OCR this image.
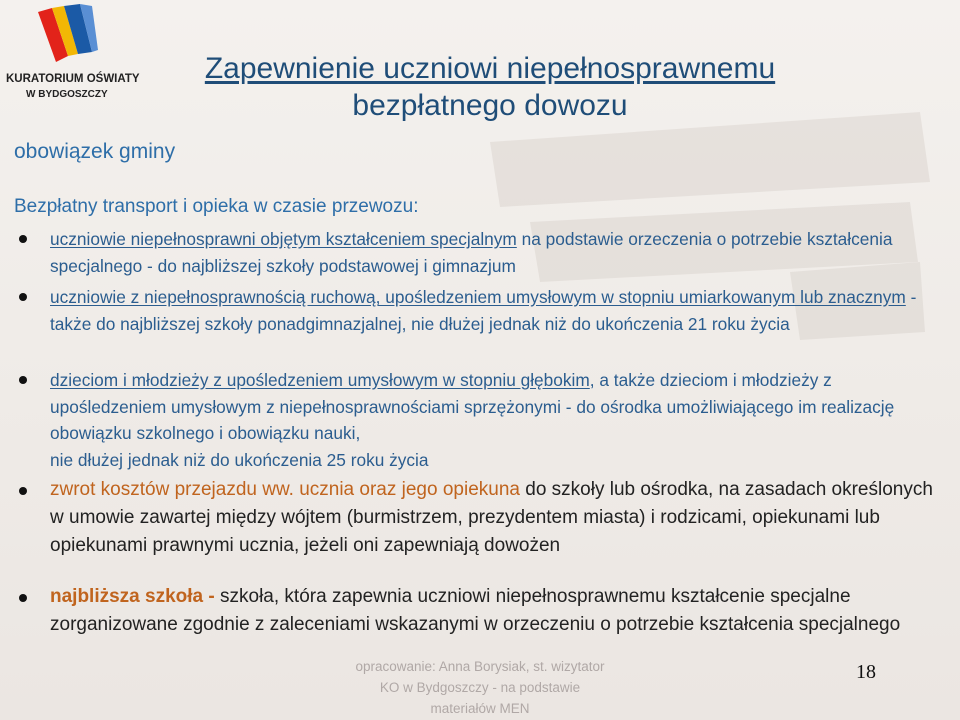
KURATORIUM OŚWIATY
W BYDGOSZCZY
Zapewnienie uczniowi niepełnosprawnemu
bezpłatnego dowozu
obowiązek gminy
Bezpłatny transport i opieka w czasie przewozu:
uczniowie niepełnosprawni objętym kształceniem specjalnym na podstawie orzeczenia o potrzebie kształcenia specjalnego - do najbliższej szkoły podstawowej i gimnazjum
uczniowie z niepełnosprawnością ruchową, upośledzeniem umysłowym w stopniu umiarkowanym lub znacznym - także do najbliższej szkoły ponadgimnazjalnej, nie dłużej jednak niż do ukończenia 21 roku życia
dzieciom i młodzieży z upośledzeniem umysłowym w stopniu głębokim, a także dzieciom i młodzieży z upośledzeniem umysłowym z niepełnosprawnościami sprzężonymi - do ośrodka umożliwiającego im realizację obowiązku szkolnego i obowiązku nauki,
nie dłużej jednak niż do ukończenia 25 roku życia
zwrot kosztów przejazdu ww. ucznia oraz jego opiekuna do szkoły lub ośrodka, na zasadach określonych w umowie zawartej między wójtem (burmistrzem, prezydentem miasta) i rodzicami, opiekunami lub opiekunami prawnymi ucznia, jeżeli oni zapewniają dowożen
najbliższa szkoła - szkoła, która zapewnia uczniowi niepełnosprawnemu kształcenie specjalne zorganizowane zgodnie z zaleceniami wskazanymi w orzeczeniu o potrzebie kształcenia specjalnego
opracowanie: Anna Borysiak, st. wizytator
KO w Bydgoszczy - na podstawie
materiałów MEN
18
